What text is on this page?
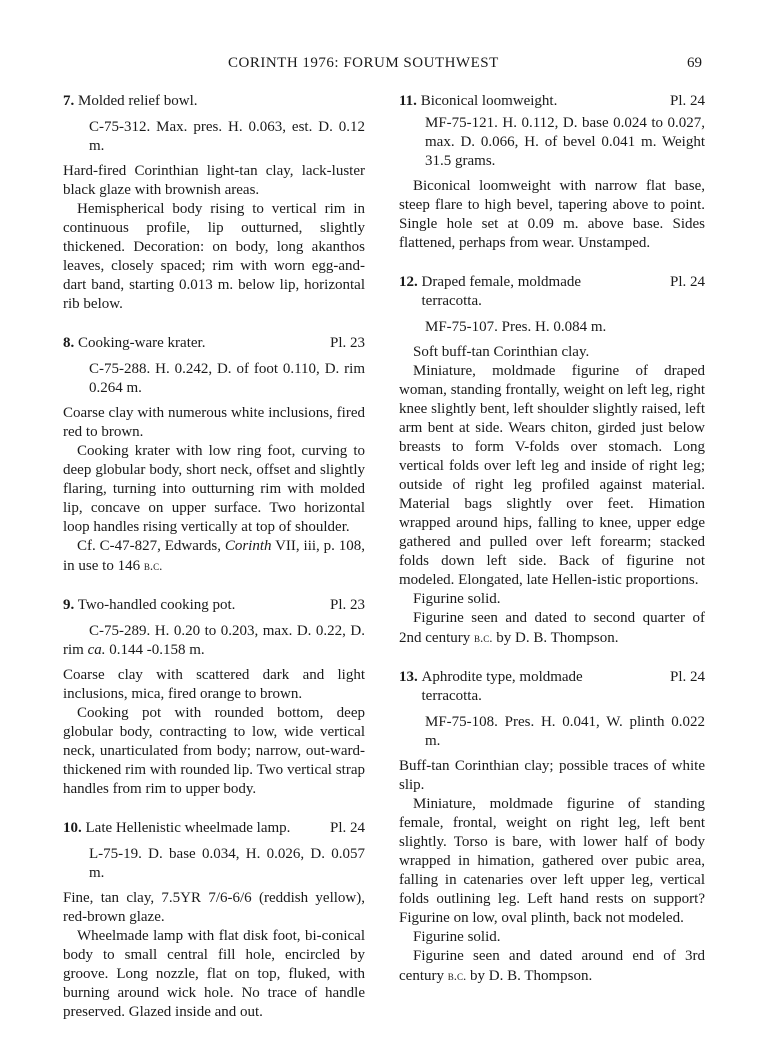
CORINTH 1976: FORUM SOUTHWEST	69
7. Molded relief bowl.
C-75-312. Max. pres. H. 0.063, est. D. 0.12 m.

Hard-fired Corinthian light-tan clay, lack-luster black glaze with brownish areas.

Hemispherical body rising to vertical rim in continuous profile, lip outturned, slightly thickened. Decoration: on body, long akanthos leaves, closely spaced; rim with worn egg-and-dart band, starting 0.013 m. below lip, horizontal rib below.

8. Cooking-ware krater.	Pl. 23
C-75-288. H. 0.242, D. of foot 0.110, D. rim 0.264 m.

Coarse clay with numerous white inclusions, fired red to brown.

Cooking krater with low ring foot, curving to deep globular body, short neck, offset and slightly flaring, turning into outturning rim with molded lip, concave on upper surface. Two horizontal loop handles rising vertically at top of shoulder.

Cf. C-47-827, Edwards, Corinth VII, iii, p. 108, in use to 146 b.c.

9. Two-handled cooking pot.	Pl. 23
C-75-289. H. 0.20 to 0.203, max. D. 0.22, D. rim ca. 0.144 -0.158 m.

Coarse clay with scattered dark and light inclusions, mica, fired orange to brown.

Cooking pot with rounded bottom, deep globular body, contracting to low, wide vertical neck, unarticulated from body; narrow, out-ward-thickened rim with rounded lip. Two vertical strap handles from rim to upper body.

10. Late Hellenistic wheelmade lamp.	Pl. 24
L-75-19. D. base 0.034, H. 0.026, D. 0.057 m.

Fine, tan clay, 7.5YR 7/6-6/6 (reddish yellow), red-brown glaze.

Wheelmade lamp with flat disk foot, bi-conical body to small central fill hole, encircled by groove. Long nozzle, flat on top, fluked, with burning around wick hole. No trace of handle preserved. Glazed inside and out.

11. Biconical loomweight.	Pl. 24
MF-75-121. H. 0.112, D. base 0.024 to 0.027, max. D. 0.066, H. of bevel 0.041 m. Weight 31.5 grams.

Biconical loomweight with narrow flat base, steep flare to high bevel, tapering above to point. Single hole set at 0.09 m. above base. Sides flattened, perhaps from wear. Unstamped.

12. Draped female, moldmade terracotta.
Pl. 24
MF-75-107. Pres. H. 0.084 m.

Soft buff-tan Corinthian clay.

Miniature, moldmade figurine of draped woman, standing frontally, weight on left leg, right knee slightly bent, left shoulder slightly raised, left arm bent at side. Wears chiton, girded just below breasts to form V-folds over stomach. Long vertical folds over left leg and inside of right leg; outside of right leg profiled against material. Material bags slightly over feet. Himation wrapped around hips, falling to knee, upper edge gathered and pulled over left forearm; stacked folds down left side. Back of figurine not modeled. Elongated, late Hellen-istic proportions.

Figurine solid.

Figurine seen and dated to second quarter of 2nd century b.c. by D. B. Thompson.

13. Aphrodite type, moldmade terracotta.
Pl. 24
MF-75-108. Pres. H. 0.041, W. plinth 0.022 m.

Buff-tan Corinthian clay; possible traces of white slip.

Miniature, moldmade figurine of standing female, frontal, weight on right leg, left bent slightly. Torso is bare, with lower half of body wrapped in himation, gathered over pubic area, falling in catenaries over left upper leg, vertical folds outlining leg. Left hand rests on support? Figurine on low, oval plinth, back not modeled.

Figurine solid.

Figurine seen and dated around end of 3rd century b.c. by D. B. Thompson.
